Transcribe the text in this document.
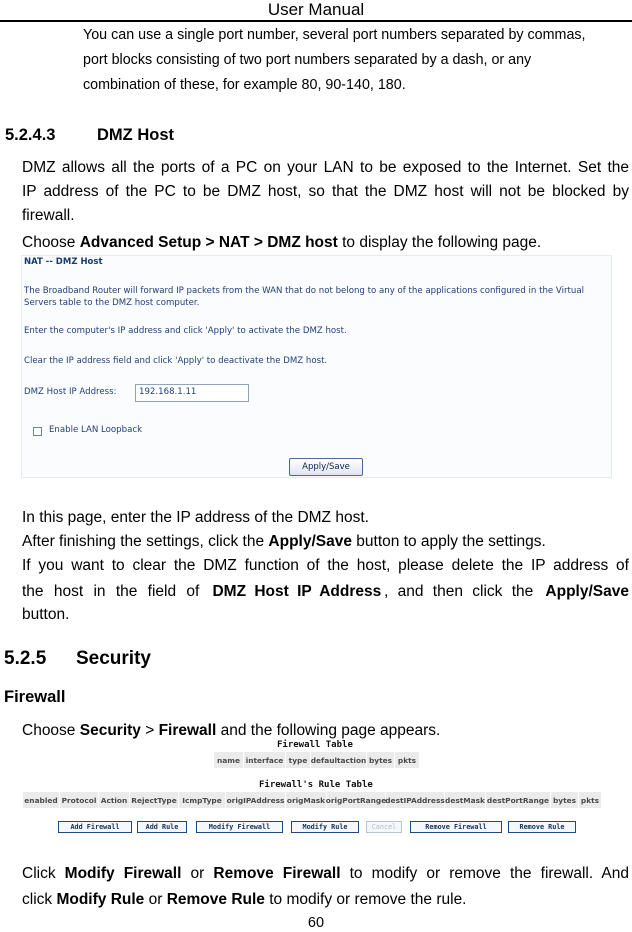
User Manual
You can use a single port number, several port numbers separated by commas,
port blocks consisting of two port numbers separated by a dash, or any
combination of these, for example 80, 90-140, 180.
5.2.4.3	DMZ Host
DMZ allows all the ports of a PC on your LAN to be exposed to the Internet. Set the
IP address of the PC to be DMZ host, so that the DMZ host will not be blocked by
firewall.
Choose Advanced Setup > NAT > DMZ host to display the following page.
NAT -- DMZ Host
The Broadband Router will forward IP packets from the WAN that do not belong to any of the applications configured in the Virtual
Servers table to the DMZ host computer.
Enter the computer's IP address and click 'Apply' to activate the DMZ host.
Clear the IP address field and click 'Apply' to deactivate the DMZ host.
DMZ Host IP Address:	192.168.1.11
Enable LAN Loopback
Apply/Save
In this page, enter the IP address of the DMZ host.
After finishing the settings, click the Apply/Save button to apply the settings.
If you want to clear the DMZ function of the host, please delete the IP address of
the host in the field of DMZ Host IP Address , and then click the Apply/Save
button.
5.2.5 Security
Firewall
Choose Security > Firewall and the following page appears.
Firewall Table
name interface type defaultaction bytes pkts
Firewall's Rule Table
enabled Protocol Action RejectType IcmpType origIPAddress origMask origPortRange destIPAddress destMask destPortRange bytes pkts
Add Firewall	Add Rule	Modify Firewall	Modify Rule	Cancel	Remove Firewall	Remove Rule
Click Modify Firewall or Remove Firewall to modify or remove the firewall. And
click Modify Rule or Remove Rule to modify or remove the rule.
60
